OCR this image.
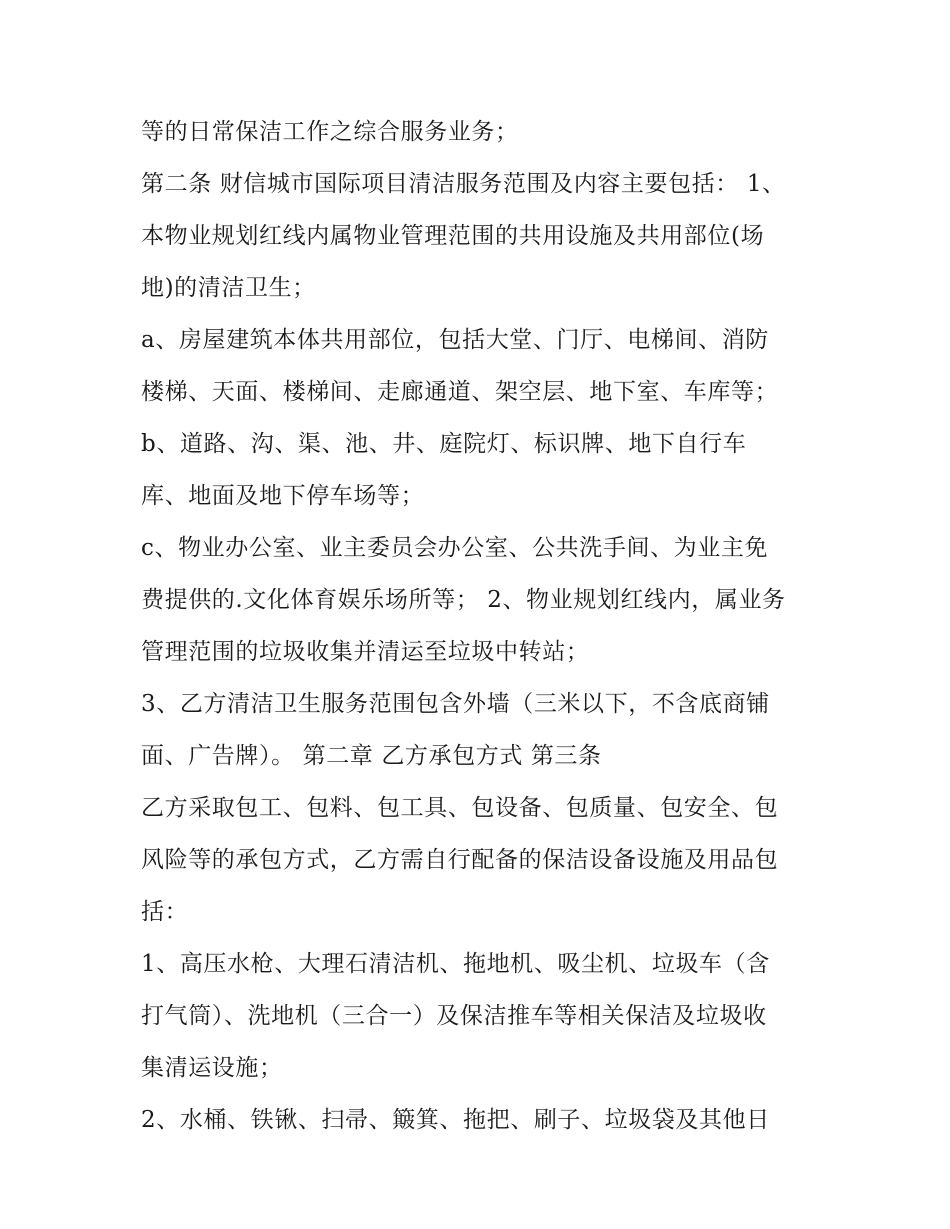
等的日常保洁工作之综合服务业务；
第二条 财信城市国际项目清洁服务范围及内容主要包括： 1、
本物业规划红线内属物业管理范围的共用设施及共用部位(场
地)的清洁卫生；
a、房屋建筑本体共用部位，包括大堂、门厅、电梯间、消防
楼梯、天面、楼梯间、走廊通道、架空层、地下室、车库等；
b、道路、沟、渠、池、井、庭院灯、标识牌、地下自行车
库、地面及地下停车场等；
c、物业办公室、业主委员会办公室、公共洗手间、为业主免
费提供的.文化体育娱乐场所等； 2、物业规划红线内，属业务
管理范围的垃圾收集并清运至垃圾中转站；
3、乙方清洁卫生服务范围包含外墙（三米以下，不含底商铺
面、广告牌）。 第二章 乙方承包方式 第三条
乙方采取包工、包料、包工具、包设备、包质量、包安全、包
风险等的承包方式，乙方需自行配备的保洁设备设施及用品包
括：
1、高压水枪、大理石清洁机、拖地机、吸尘机、垃圾车（含
打气筒）、洗地机（三合一）及保洁推车等相关保洁及垃圾收
集清运设施；
2、水桶、铁锹、扫帚、簸箕、拖把、刷子、垃圾袋及其他日
